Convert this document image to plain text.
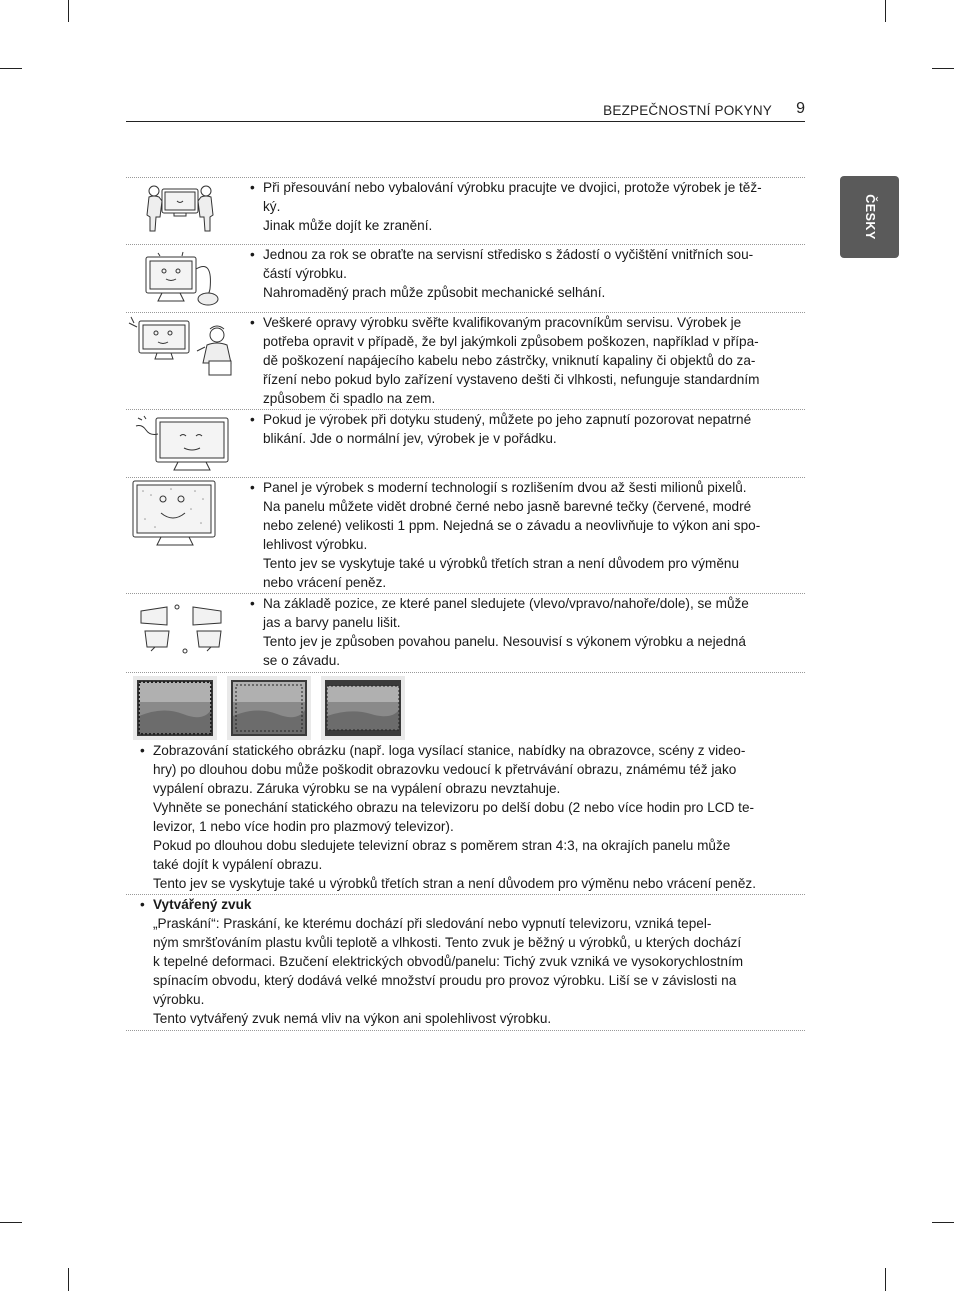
BEZPEČNOSTNÍ POKYNY 9
ČESKY
• Při přesouvání nebo vybalování výrobku pracujte ve dvojici, protože výrobek je těž-

ký.

Jinak může dojít ke zranění.

• Jednou za rok se obraťte na servisní středisko s žádostí o vyčištění vnitřních sou-

částí výrobku.

Nahromaděný prach může způsobit mechanické selhání.

• Veškeré opravy výrobku svěřte kvalifikovaným pracovníkům servisu. Výrobek je

potřeba opravit v případě, že byl jakýmkoli způsobem poškozen, například v přípa-

dě poškození napájecího kabelu nebo zástrčky, vniknutí kapaliny či objektů do za-

řízení nebo pokud bylo zařízení vystaveno dešti či vlhkosti, nefunguje standardním

způsobem či spadlo na zem.

• Pokud je výrobek při dotyku studený, můžete po jeho zapnutí pozorovat nepatrné

blikání. Jde o normální jev, výrobek je v pořádku.

• Panel je výrobek s moderní technologií s rozlišením dvou až šesti milionů pixelů.

Na panelu můžete vidět drobné černé nebo jasně barevné tečky (červené, modré

nebo zelené) velikosti 1 ppm. Nejedná se o závadu a neovlivňuje to výkon ani spo-

lehlivost výrobku.

Tento jev se vyskytuje také u výrobků třetích stran a není důvodem pro výměnu

nebo vrácení peněz.

• Na základě pozice, ze které panel sledujete (vlevo/vpravo/nahoře/dole), se může

jas a barvy panelu lišit.

Tento jev je způsoben povahou panelu. Nesouvisí s výkonem výrobku a nejedná

se o závadu.

• Zobrazování statického obrázku (např. loga vysílací stanice, nabídky na obrazovce, scény z video-

hry) po dlouhou dobu může poškodit obrazovku vedoucí k přetrvávání obrazu, známému též jako

vypálení obrazu. Záruka výrobku se na vypálení obrazu nevztahuje.

Vyhněte se ponechání statického obrazu na televizoru po delší dobu (2 nebo více hodin pro LCD te-

levizor, 1 nebo více hodin pro plazmový televizor).

Pokud po dlouhou dobu sledujete televizní obraz s poměrem stran 4:3, na okrajích panelu může

také dojít k vypálení obrazu.

Tento jev se vyskytuje také u výrobků třetích stran a není důvodem pro výměnu nebo vrácení peněz.

• Vytvářený zvuk

„Praskání“: Praskání, ke kterému dochází při sledování nebo vypnutí televizoru, vzniká tepel-

ným smršťováním plastu kvůli teplotě a vlhkosti. Tento zvuk je běžný u výrobků, u kterých dochází

k tepelné deformaci. Bzučení elektrických obvodů/panelu: Tichý zvuk vzniká ve vysokorychlostním

spínacím obvodu, který dodává velké množství proudu pro provoz výrobku. Liší se v závislosti na

výrobku.

Tento vytvářený zvuk nemá vliv na výkon ani spolehlivost výrobku.
